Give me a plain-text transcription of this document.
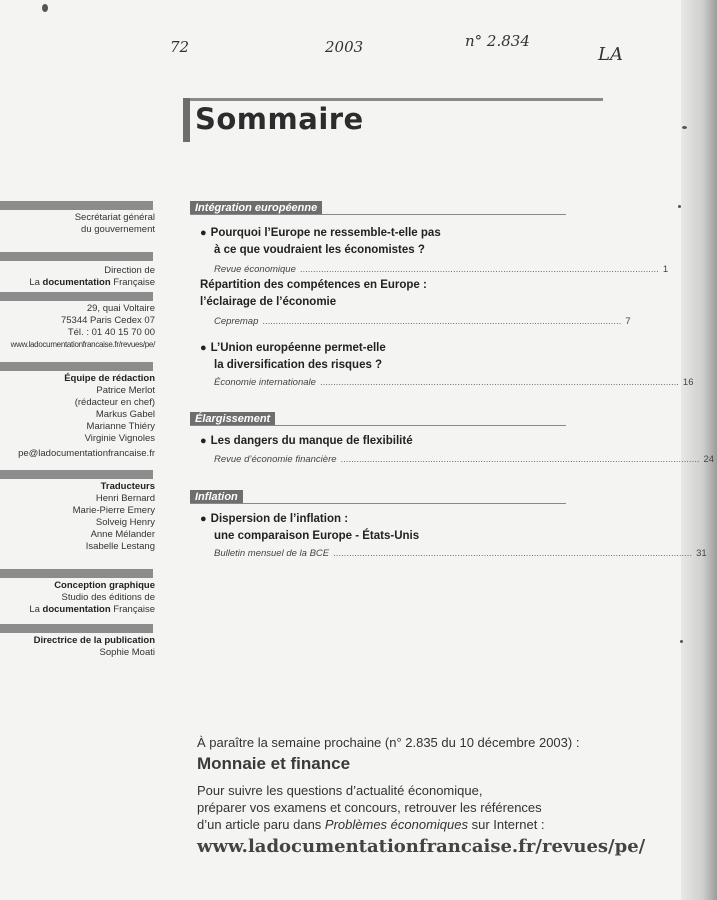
72	2003	n° 2.834
LA
Sommaire
Secrétariat général
du gouvernement
Direction de
La documentation Française
29, quai Voltaire
75344 Paris Cedex 07
Tél. : 01 40 15 70 00
www.ladocumentationfrancaise.fr/revues/pe/
Équipe de rédaction
Patrice Merlot
(rédacteur en chef)
Markus Gabel
Marianne Thiéry
Virginie Vignoles
pe@ladocumentationfrancaise.fr
Traducteurs
Henri Bernard
Marie-Pierre Emery
Solveig Henry
Anne Mélander
Isabelle Lestang
Conception graphique
Studio des éditions de
La documentation Française
Directrice de la publication
Sophie Moati
Intégration européenne
● Pourquoi l’Europe ne ressemble-t-elle pas
à ce que voudraient les économistes ?
Revue économique ........................................................................................................................................ 1
Répartition des compétences en Europe :
l’éclairage de l’économie
Cepremap ........................................................................................................................................ 7
● L’Union européenne permet-elle
la diversification des risques ?
Économie internationale ........................................................................................................................................ 16
Élargissement
● Les dangers du manque de flexibilité
Revue d’économie financière ........................................................................................................................................ 24
Inflation
● Dispersion de l’inflation :
une comparaison Europe - États-Unis
Bulletin mensuel de la BCE ........................................................................................................................................ 31
À paraître la semaine prochaine (n° 2.835 du 10 décembre 2003) :
Monnaie et finance
Pour suivre les questions d’actualité économique,
préparer vos examens et concours, retrouver les références
d’un article paru dans Problèmes économiques sur Internet :
www.ladocumentationfrancaise.fr/revues/pe/
